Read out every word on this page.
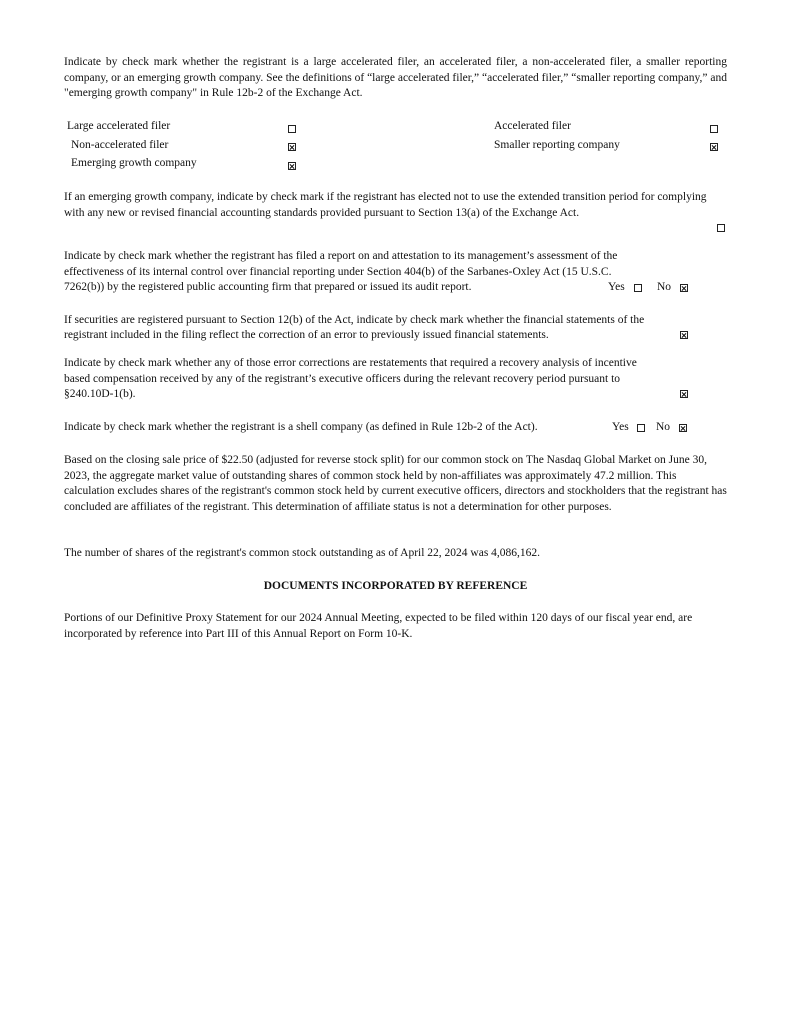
Indicate by check mark whether the registrant is a large accelerated filer, an accelerated filer, a non-accelerated filer, a smaller reporting company, or an emerging growth company. See the definitions of “large accelerated filer,” “accelerated filer,” “smaller reporting company,” and "emerging growth company" in Rule 12b-2 of the Exchange Act.

Large accelerated filer	Accelerated filer
Non-accelerated filer	Smaller reporting company
Emerging growth company

If an emerging growth company, indicate by check mark if the registrant has elected not to use the extended transition period for complying with any new or revised financial accounting standards provided pursuant to Section 13(a) of the Exchange Act.

Indicate by check mark whether the registrant has filed a report on and attestation to its management’s assessment of the
effectiveness of its internal control over financial reporting under Section 404(b) of the Sarbanes-Oxley Act (15 U.S.C.
7262(b)) by the registered public accounting firm that prepared or issued its audit report.	Yes	No
If securities are registered pursuant to Section 12(b) of the Act, indicate by check mark whether the financial statements of the
registrant included in the filing reflect the correction of an error to previously issued financial statements.
Indicate by check mark whether any of those error corrections are restatements that required a recovery analysis of incentive
based compensation received by any of the registrant’s executive officers during the relevant recovery period pursuant to
§240.10D-1(b).
Indicate by check mark whether the registrant is a shell company (as defined in Rule 12b-2 of the Act).	Yes No

Based on the closing sale price of $22.50 (adjusted for reverse stock split) for our common stock on The Nasdaq Global Market on June 30, 2023, the aggregate market value of outstanding shares of common stock held by non-affiliates was approximately 47.2 million. This calculation excludes shares of the registrant's common stock held by current executive officers, directors and stockholders that the registrant has concluded are affiliates of the registrant. This determination of affiliate status is not a determination for other purposes.

The number of shares of the registrant's common stock outstanding as of April 22, 2024 was 4,086,162.

DOCUMENTS INCORPORATED BY REFERENCE

Portions of our Definitive Proxy Statement for our 2024 Annual Meeting, expected to be filed within 120 days of our fiscal year end, are incorporated by reference into Part III of this Annual Report on Form 10-K.
